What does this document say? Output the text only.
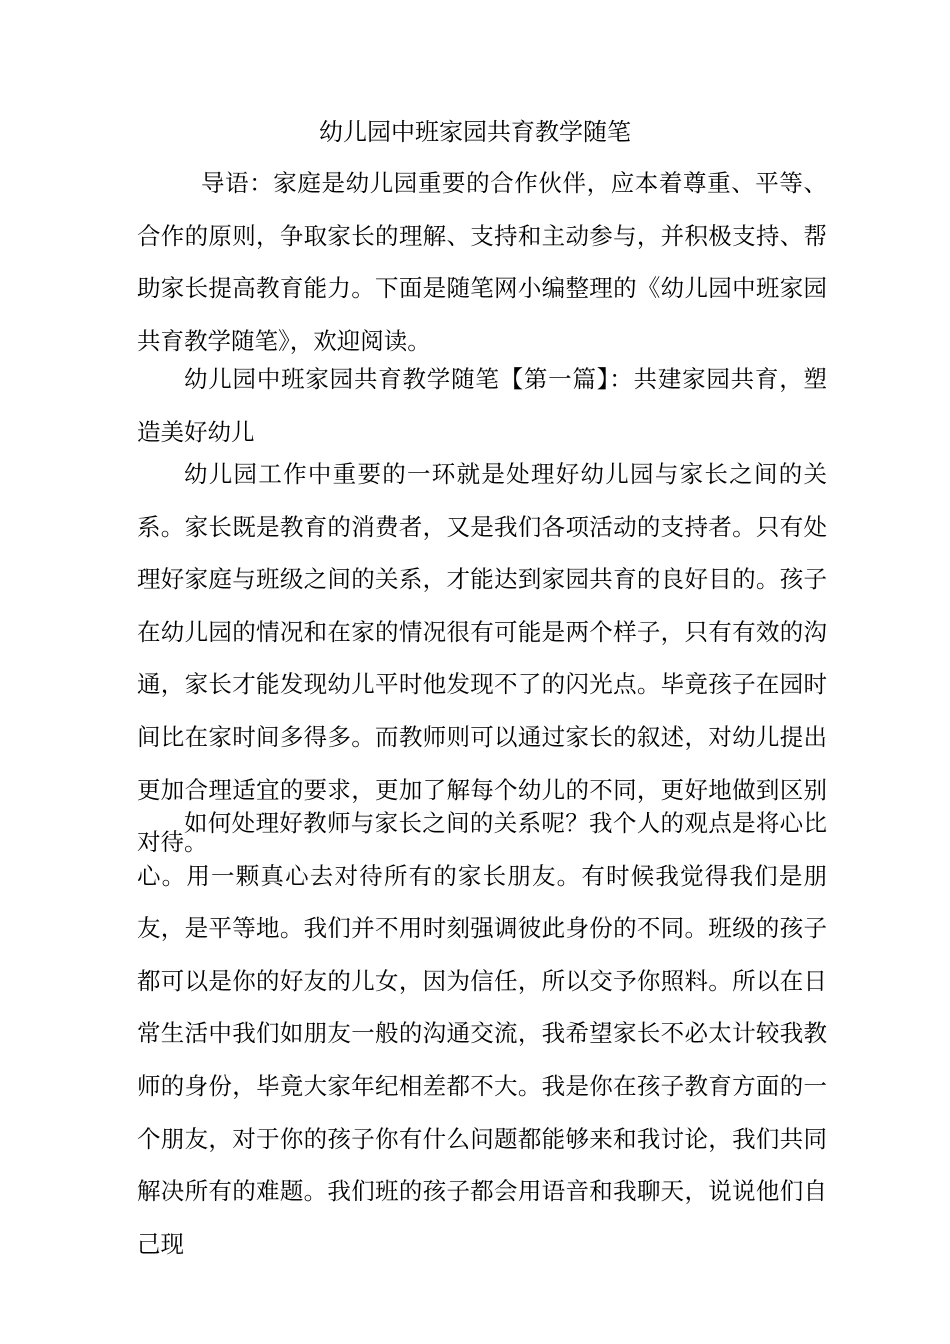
幼儿园中班家园共育教学随笔

导语：家庭是幼儿园重要的合作伙伴，应本着尊重、平等、合作的原则，争取家长的理解、支持和主动参与，并积极支持、帮助家长提高教育能力。下面是随笔网小编整理的《幼儿园中班家园共育教学随笔》，欢迎阅读。

幼儿园中班家园共育教学随笔【第一篇】：共建家园共育，塑造美好幼儿

幼儿园工作中重要的一环就是处理好幼儿园与家长之间的关系。家长既是教育的消费者，又是我们各项活动的支持者。只有处理好家庭与班级之间的关系，才能达到家园共育的良好目的。孩子在幼儿园的情况和在家的情况很有可能是两个样子，只有有效的沟通，家长才能发现幼儿平时他发现不了的闪光点。毕竟孩子在园时间比在家时间多得多。而教师则可以通过家长的叙述，对幼儿提出更加合理适宜的要求，更加了解每个幼儿的不同，更好地做到区别对待。

如何处理好教师与家长之间的关系呢？我个人的观点是将心比心。用一颗真心去对待所有的家长朋友。有时候我觉得我们是朋友，是平等地。我们并不用时刻强调彼此身份的不同。班级的孩子都可以是你的好友的儿女，因为信任，所以交予你照料。所以在日常生活中我们如朋友一般的沟通交流，我希望家长不必太计较我教师的身份，毕竟大家年纪相差都不大。我是你在孩子教育方面的一个朋友，对于你的孩子你有什么问题都能够来和我讨论，我们共同解决所有的难题。我们班的孩子都会用语音和我聊天，说说他们自己现
